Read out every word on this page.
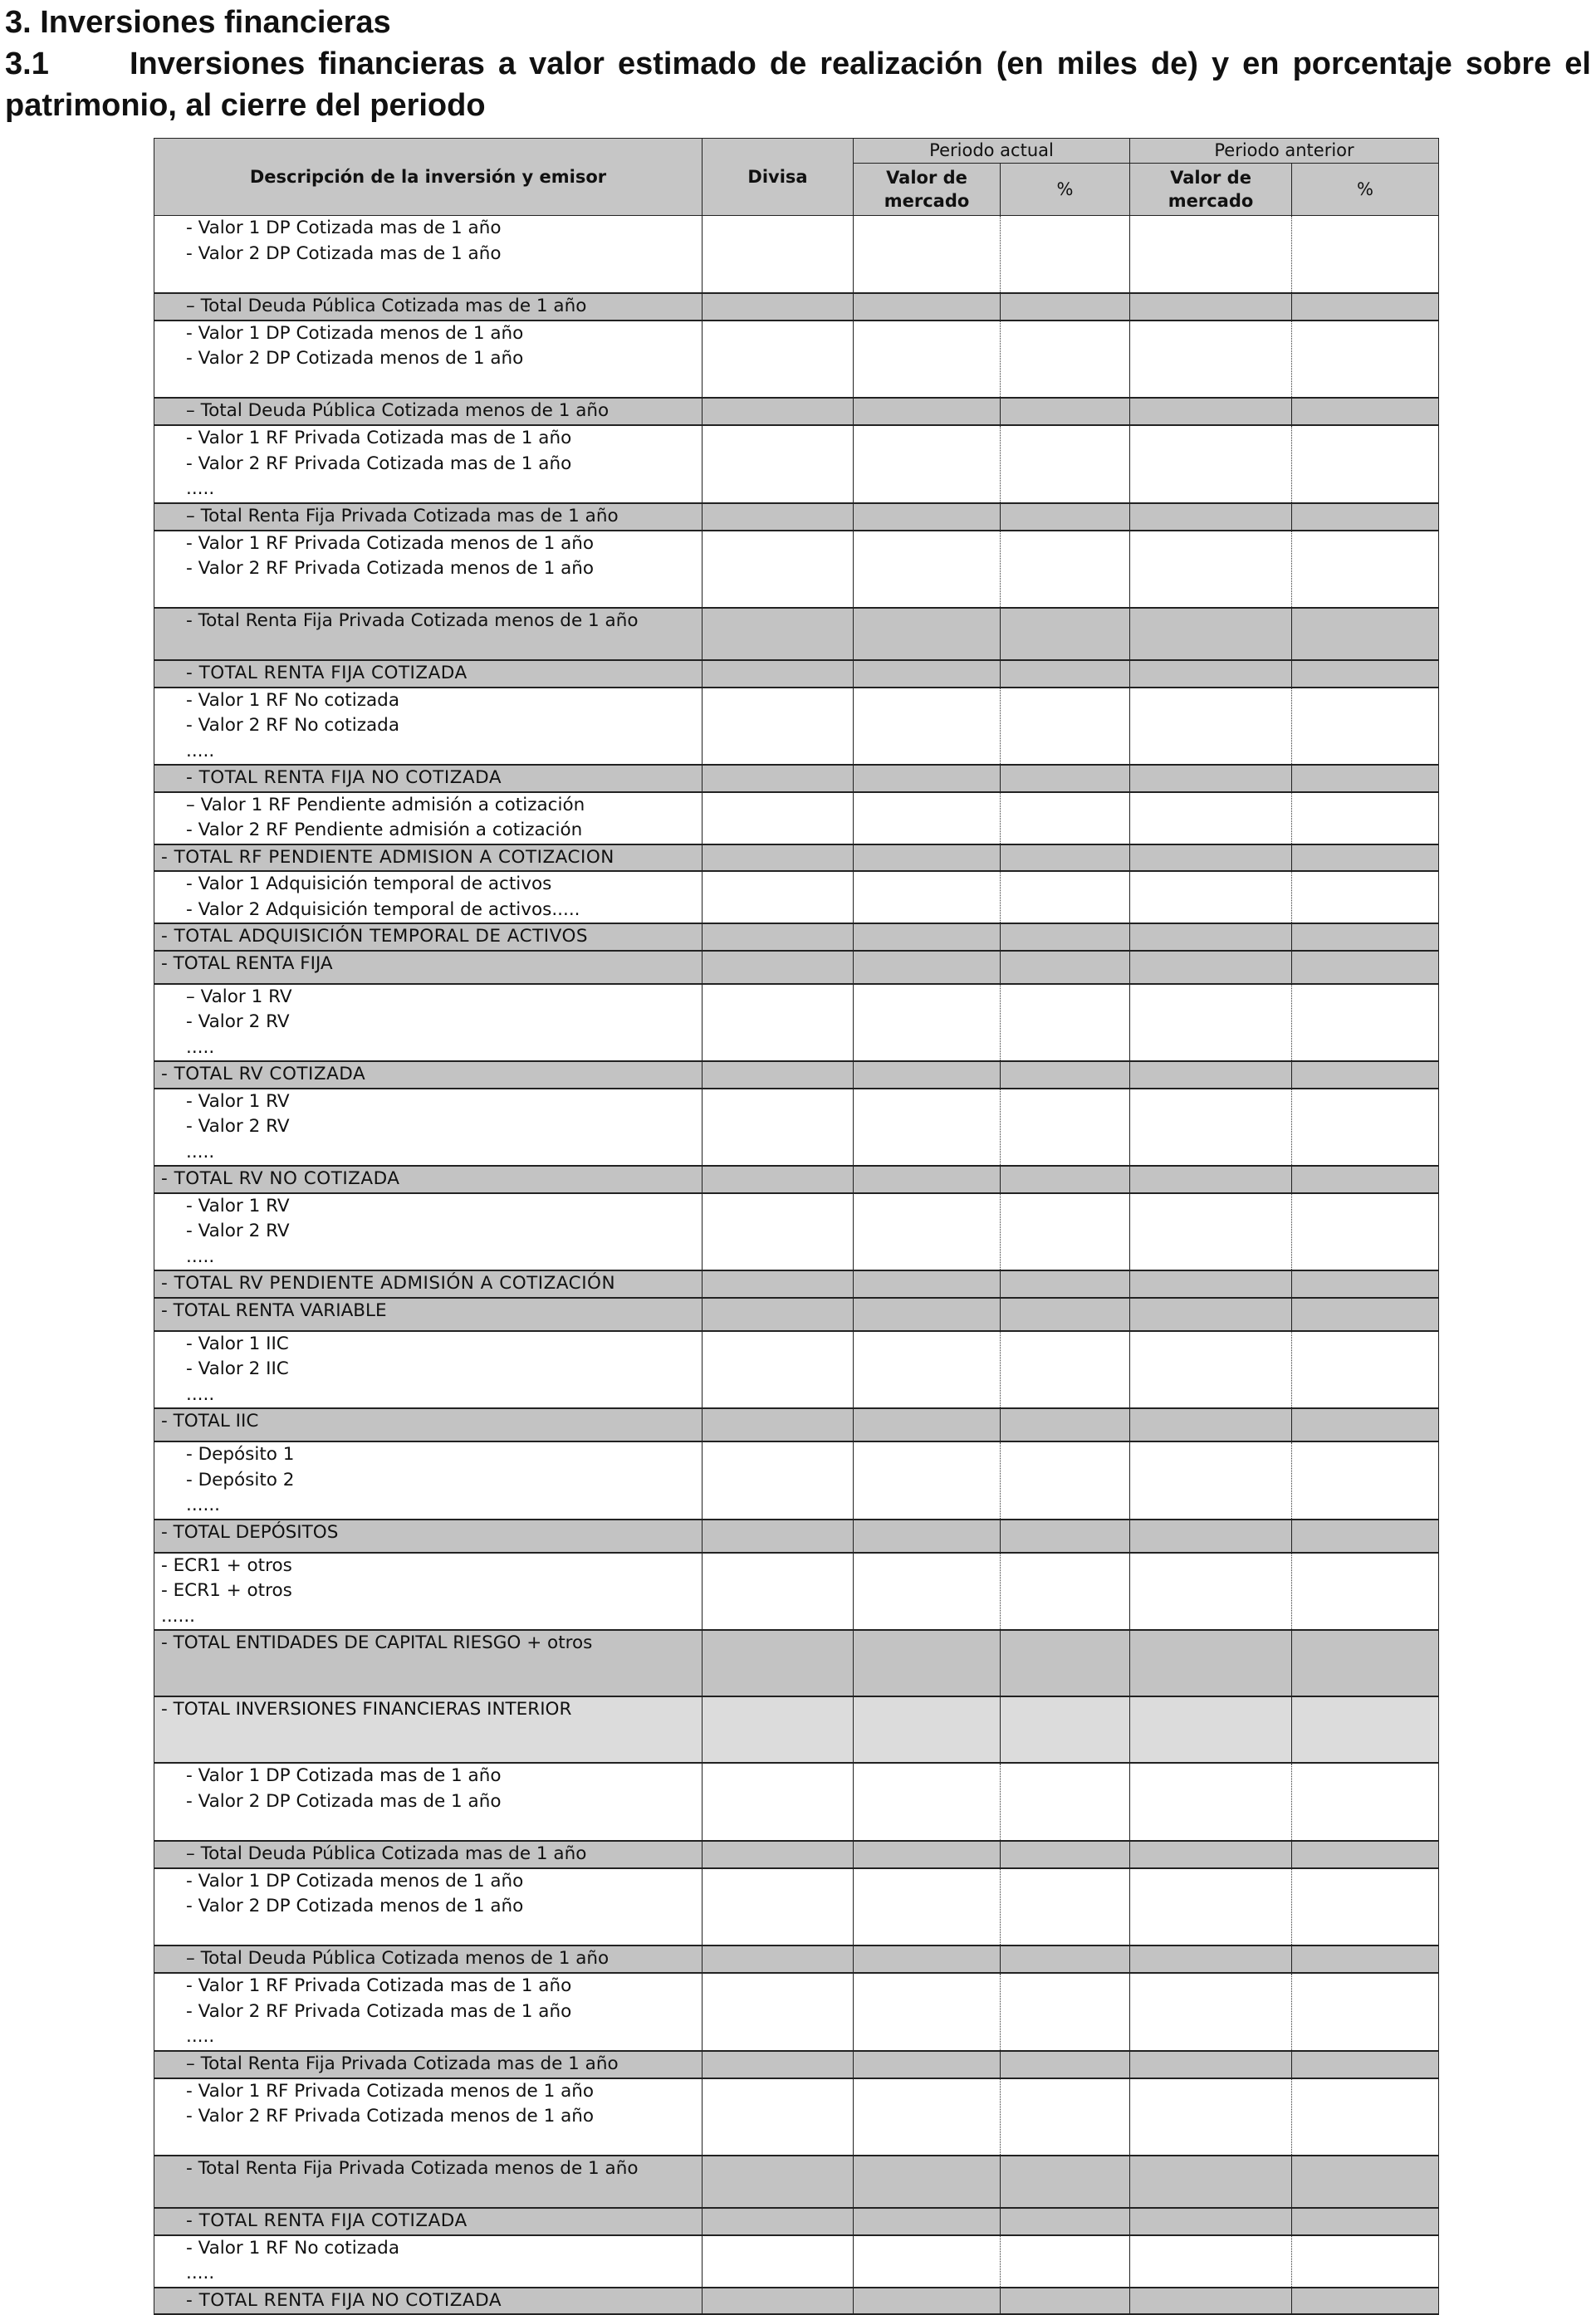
3. Inversiones financieras

3.1	Inversiones financieras a valor estimado de realización (en miles de) y en porcentaje sobre el patrimonio, al cierre del periodo

Descripción de la inversión y emisor	Divisa	Periodo actual		Periodo anterior	
		Valor de mercado	%	Valor de mercado	%

- Valor 1 DP Cotizada mas de 1 año
- Valor 2 DP Cotizada mas de 1 año					

– Total Deuda Pública Cotizada mas de 1 año					

- Valor 1 DP Cotizada menos de 1 año
- Valor 2 DP Cotizada menos de 1 año					

– Total Deuda Pública Cotizada menos de 1 año					

- Valor 1 RF Privada Cotizada mas de 1 año
- Valor 2 RF Privada Cotizada mas de 1 año
.....					

– Total Renta Fija Privada Cotizada mas de 1 año					

- Valor 1 RF Privada Cotizada menos de 1 año
- Valor 2 RF Privada Cotizada menos de 1 año					

- Total Renta Fija Privada Cotizada menos de 1 año					

- TOTAL RENTA FIJA COTIZADA					

- Valor 1 RF No cotizada
- Valor 2 RF No cotizada
.....					

- TOTAL RENTA FIJA NO COTIZADA					

– Valor 1 RF Pendiente admisión a cotización
- Valor 2 RF Pendiente admisión a cotización					

- TOTAL RF PENDIENTE ADMISION A COTIZACION					

- Valor 1 Adquisición temporal de activos
- Valor 2 Adquisición temporal de activos.....					

- TOTAL ADQUISICIÓN TEMPORAL DE ACTIVOS					

- TOTAL RENTA FIJA					

– Valor 1 RV
- Valor 2 RV
.....					

- TOTAL RV COTIZADA					

- Valor 1 RV
- Valor 2 RV
.....					

- TOTAL RV NO COTIZADA					

- Valor 1 RV
- Valor 2 RV
.....					

- TOTAL RV PENDIENTE ADMISIÓN A COTIZACIÓN					

- TOTAL RENTA VARIABLE					

- Valor 1 IIC
- Valor 2 IIC
.....					

- TOTAL IIC					

- Depósito 1
- Depósito 2
......					

- TOTAL DEPÓSITOS					

- ECR1 + otros
- ECR1 + otros
......					

- TOTAL ENTIDADES DE CAPITAL RIESGO + otros					

- TOTAL INVERSIONES FINANCIERAS INTERIOR					

- Valor 1 DP Cotizada mas de 1 año
- Valor 2 DP Cotizada mas de 1 año					

– Total Deuda Pública Cotizada mas de 1 año					

- Valor 1 DP Cotizada menos de 1 año
- Valor 2 DP Cotizada menos de 1 año					

– Total Deuda Pública Cotizada menos de 1 año					

- Valor 1 RF Privada Cotizada mas de 1 año
- Valor 2 RF Privada Cotizada mas de 1 año
.....					

– Total Renta Fija Privada Cotizada mas de 1 año					

- Valor 1 RF Privada Cotizada menos de 1 año
- Valor 2 RF Privada Cotizada menos de 1 año					

- Total Renta Fija Privada Cotizada menos de 1 año					

- TOTAL RENTA FIJA COTIZADA					

- Valor 1 RF No cotizada
.....					

- TOTAL RENTA FIJA NO COTIZADA					
